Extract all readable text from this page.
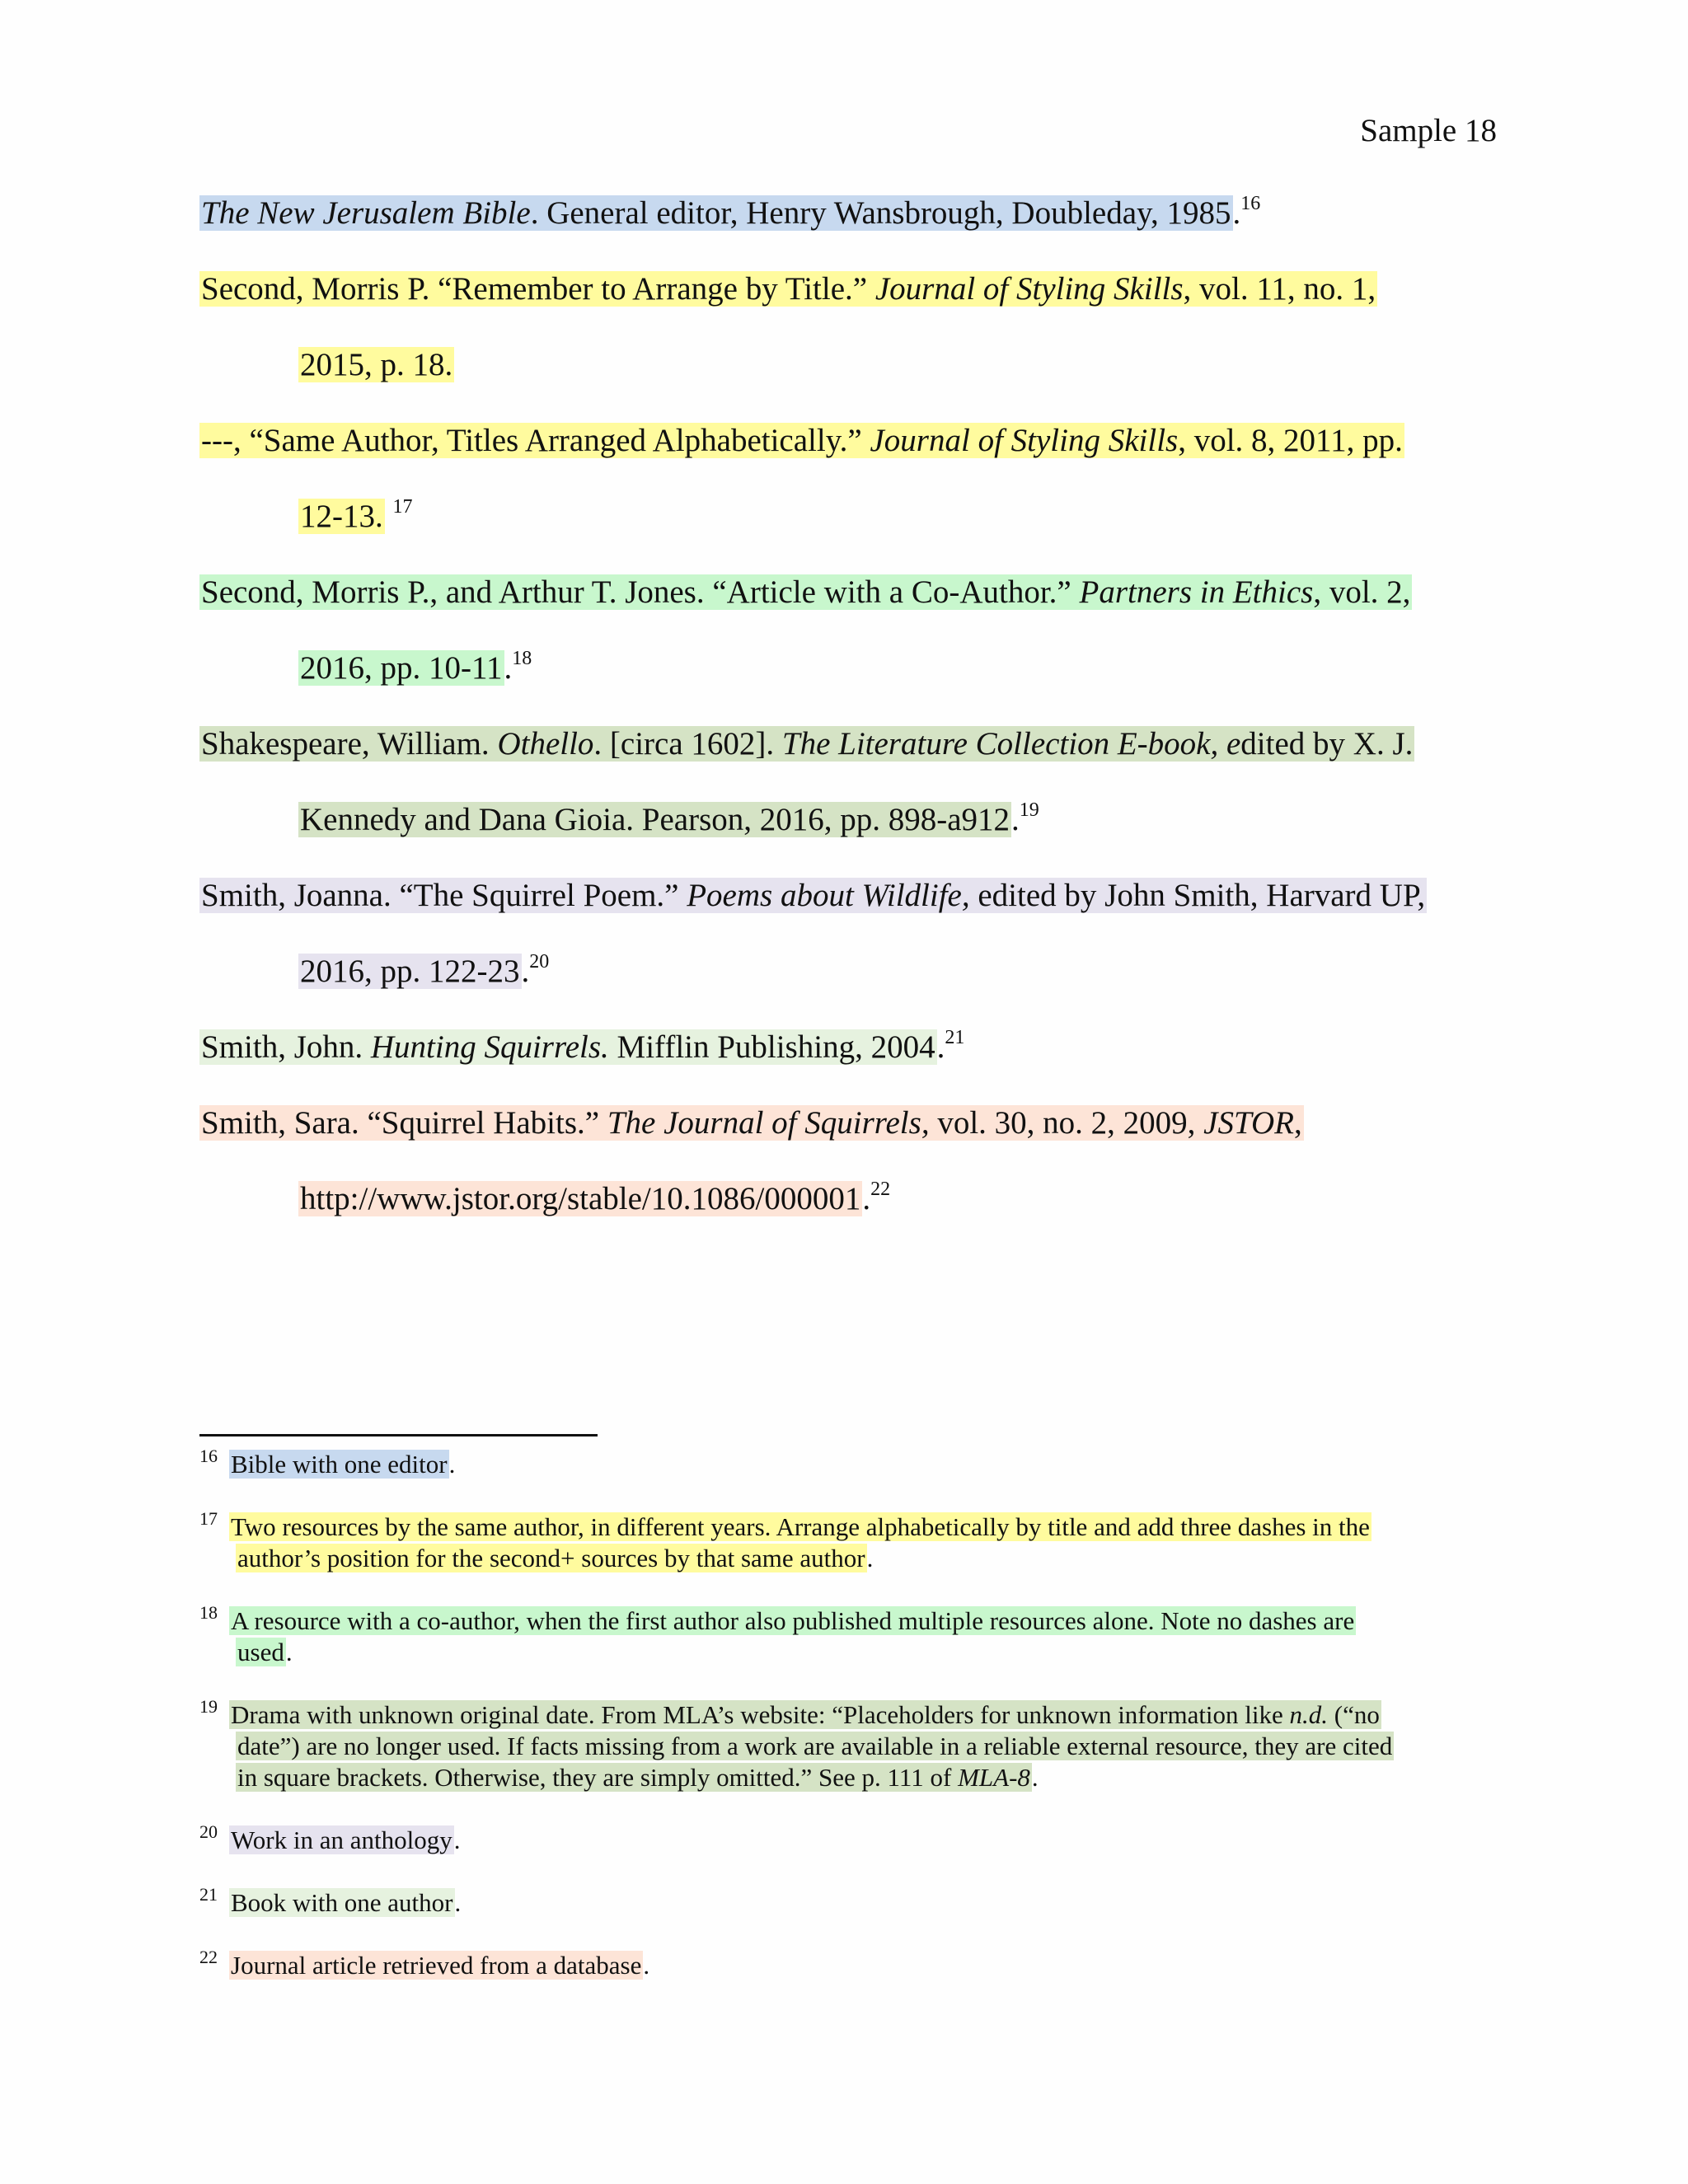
Sample 18
The New Jerusalem Bible. General editor, Henry Wansbrough, Doubleday, 1985.16
Second, Morris P. “Remember to Arrange by Title.” Journal of Styling Skills, vol. 11, no. 1,
2015, p. 18.
---, “Same Author, Titles Arranged Alphabetically.” Journal of Styling Skills, vol. 8, 2011, pp.
12-13. $^{17}$
Second, Morris P., and Arthur T. Jones. “Article with a Co-Author.” Partners in Ethics, vol. 2,
2016, pp. 10-11.18
Shakespeare, William. Othello. [circa 1602]. The Literature Collection E-book, edited by X. J.
Kennedy and Dana Gioia. Pearson, 2016, pp. 898-a912.19
Smith, Joanna. “The Squirrel Poem.” Poems about Wildlife, edited by John Smith, Harvard UP,
2016, pp. 122-23.20
Smith, John. Hunting Squirrels. Mifflin Publishing, 2004.21
Smith, Sara. “Squirrel Habits.” The Journal of Squirrels, vol. 30, no. 2, 2009, JSTOR,
http://www.jstor.org/stable/10.1086/000001.22
16 Bible with one editor.
17 Two resources by the same author, in different years. Arrange alphabetically by title and add three dashes in the
author’s position for the second+ sources by that same author.
18 A resource with a co-author, when the first author also published multiple resources alone. Note no dashes are
used.
19 Drama with unknown original date. From MLA’s website: “Placeholders for unknown information like n.d. (“no
date”) are no longer used. If facts missing from a work are available in a reliable external resource, they are cited
in square brackets. Otherwise, they are simply omitted.” See p. 111 of MLA-8.
20 Work in an anthology.
21 Book with one author.
22 Journal article retrieved from a database.
